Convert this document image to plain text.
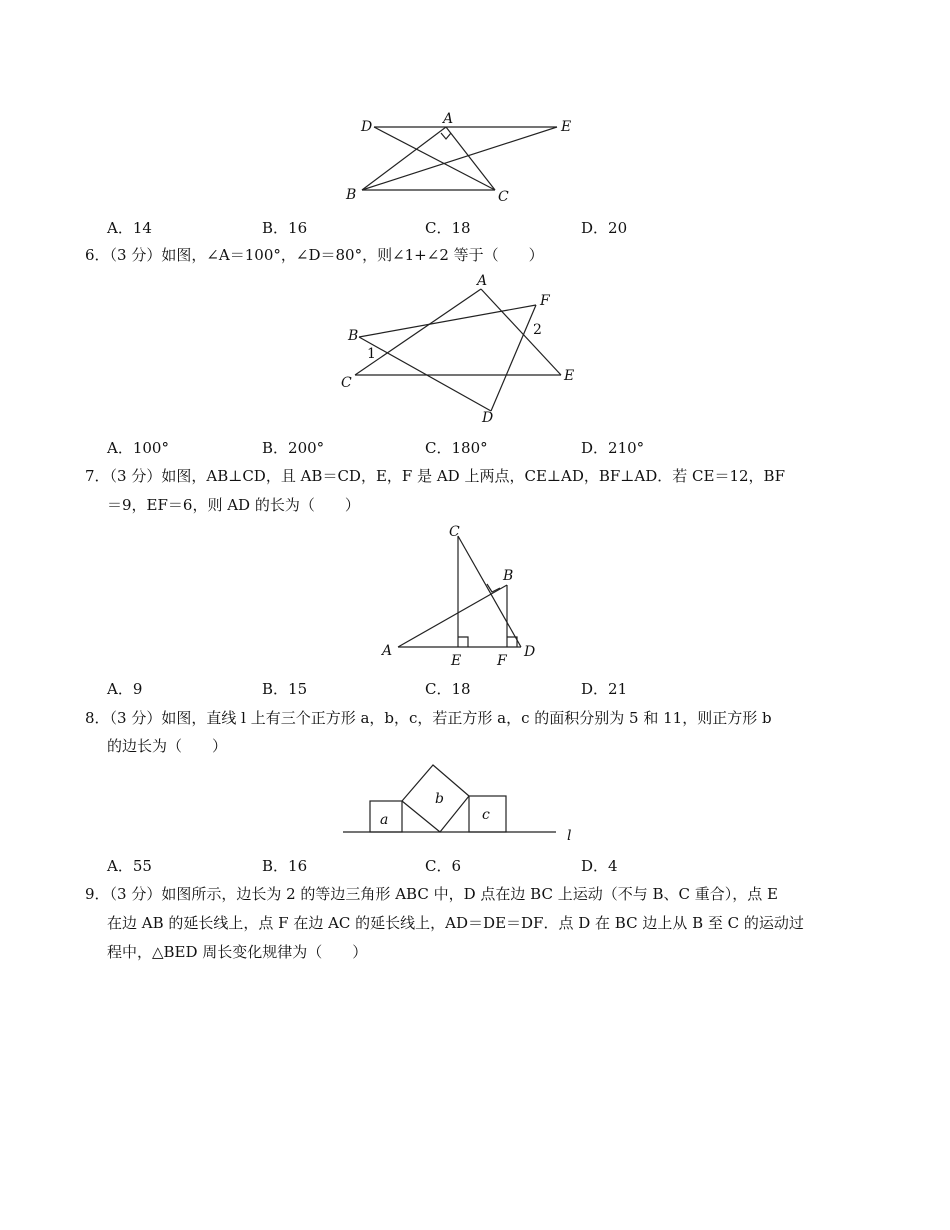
D	A	E
B	C
A．14	B．16	C．18	D．20
6．（3 分）如图，∠A＝100°，∠D＝80°，则∠1+∠2 等于（　　）
A
F
B
1
2
C	E
D
A．100°	B．200°	C．180°	D．210°
7．（3 分）如图，AB⊥CD，且 AB＝CD，E，F 是 AD 上两点，CE⊥AD，BF⊥AD．若 CE＝12，BF
＝9，EF＝6，则 AD 的长为（　　）
C
B
A
E	F
D
A．9	B．15	C．18	D．21
8．（3 分）如图，直线 l 上有三个正方形 a，b，c，若正方形 a，c 的面积分别为 5 和 11，则正方形 b
的边长为（　　）
a
b
c
l
A．55	B．16	C．6	D．4
9．（3 分）如图所示，边长为 2 的等边三角形 ABC 中，D 点在边 BC 上运动（不与 B、C 重合），点 E
在边 AB 的延长线上，点 F 在边 AC 的延长线上，AD＝DE＝DF．点 D 在 BC 边上从 B 至 C 的运动过
程中，△BED 周长变化规律为（　　）
